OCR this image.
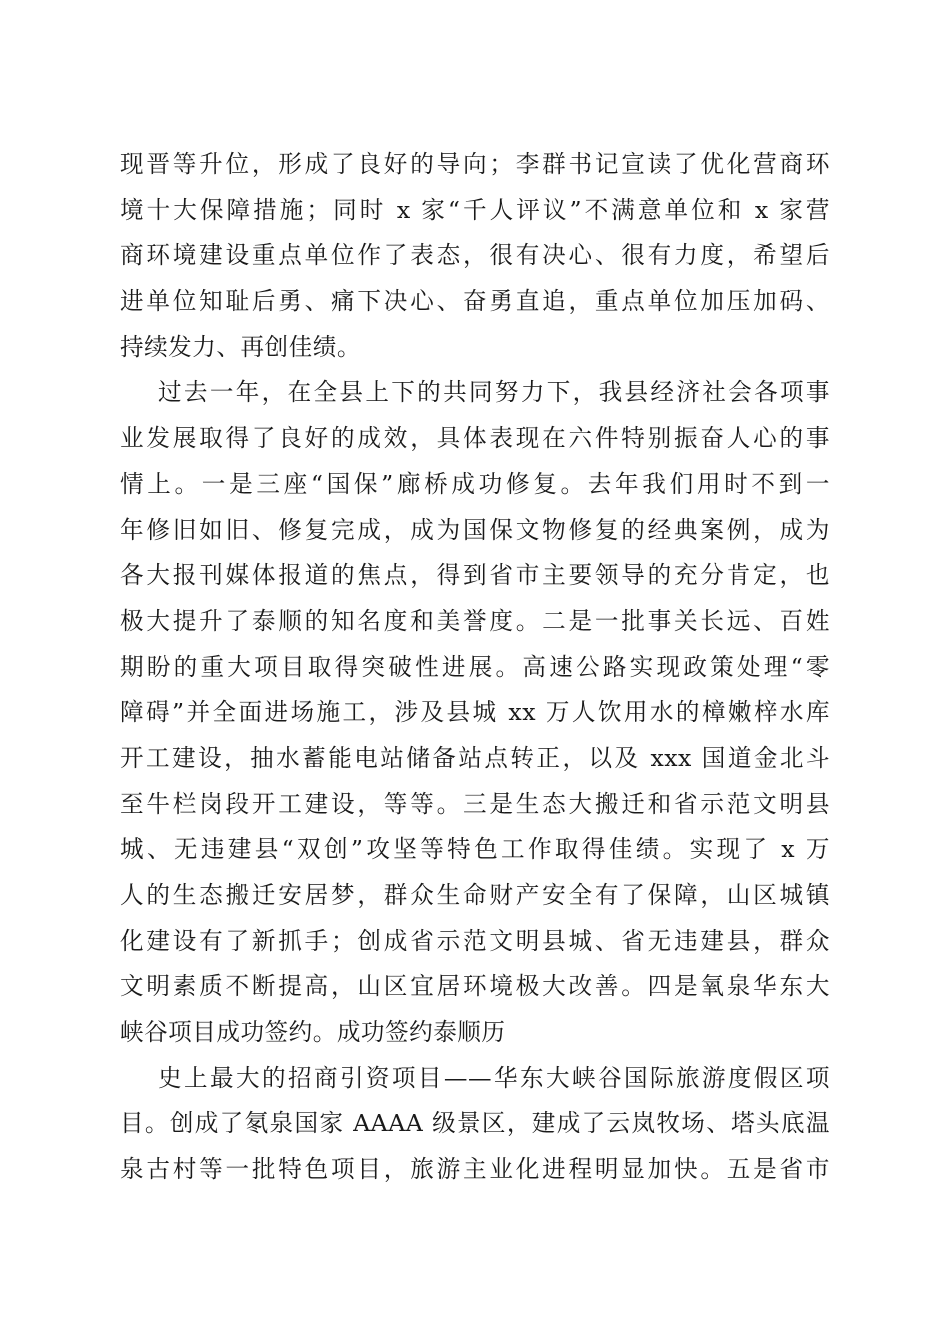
现晋等升位，形成了良好的导向；李群书记宣读了优化营商环
境十大保障措施；同时 x 家“千人评议”不满意单位和 x 家营
商环境建设重点单位作了表态，很有决心、很有力度，希望后
进单位知耻后勇、痛下决心、奋勇直追，重点单位加压加码、
持续发力、再创佳绩。
过去一年，在全县上下的共同努力下，我县经济社会各项事
业发展取得了良好的成效，具体表现在六件特别振奋人心的事
情上。一是三座“国保”廊桥成功修复。去年我们用时不到一
年修旧如旧、修复完成，成为国保文物修复的经典案例，成为
各大报刊媒体报道的焦点，得到省市主要领导的充分肯定，也
极大提升了泰顺的知名度和美誉度。二是一批事关长远、百姓
期盼的重大项目取得突破性进展。高速公路实现政策处理“零
障碍”并全面进场施工，涉及县城 xx 万人饮用水的樟嫩梓水库
开工建设，抽水蓄能电站储备站点转正，以及 xxx 国道金北斗
至牛栏岗段开工建设，等等。三是生态大搬迁和省示范文明县
城、无违建县“双创”攻坚等特色工作取得佳绩。实现了 x 万
人的生态搬迁安居梦，群众生命财产安全有了保障，山区城镇
化建设有了新抓手；创成省示范文明县城、省无违建县，群众
文明素质不断提高，山区宜居环境极大改善。四是氧泉华东大
峡谷项目成功签约。成功签约泰顺历
史上最大的招商引资项目——华东大峡谷国际旅游度假区项
目。创成了氡泉国家 AAAA 级景区，建成了云岚牧场、塔头底温
泉古村等一批特色项目，旅游主业化进程明显加快。五是省市
